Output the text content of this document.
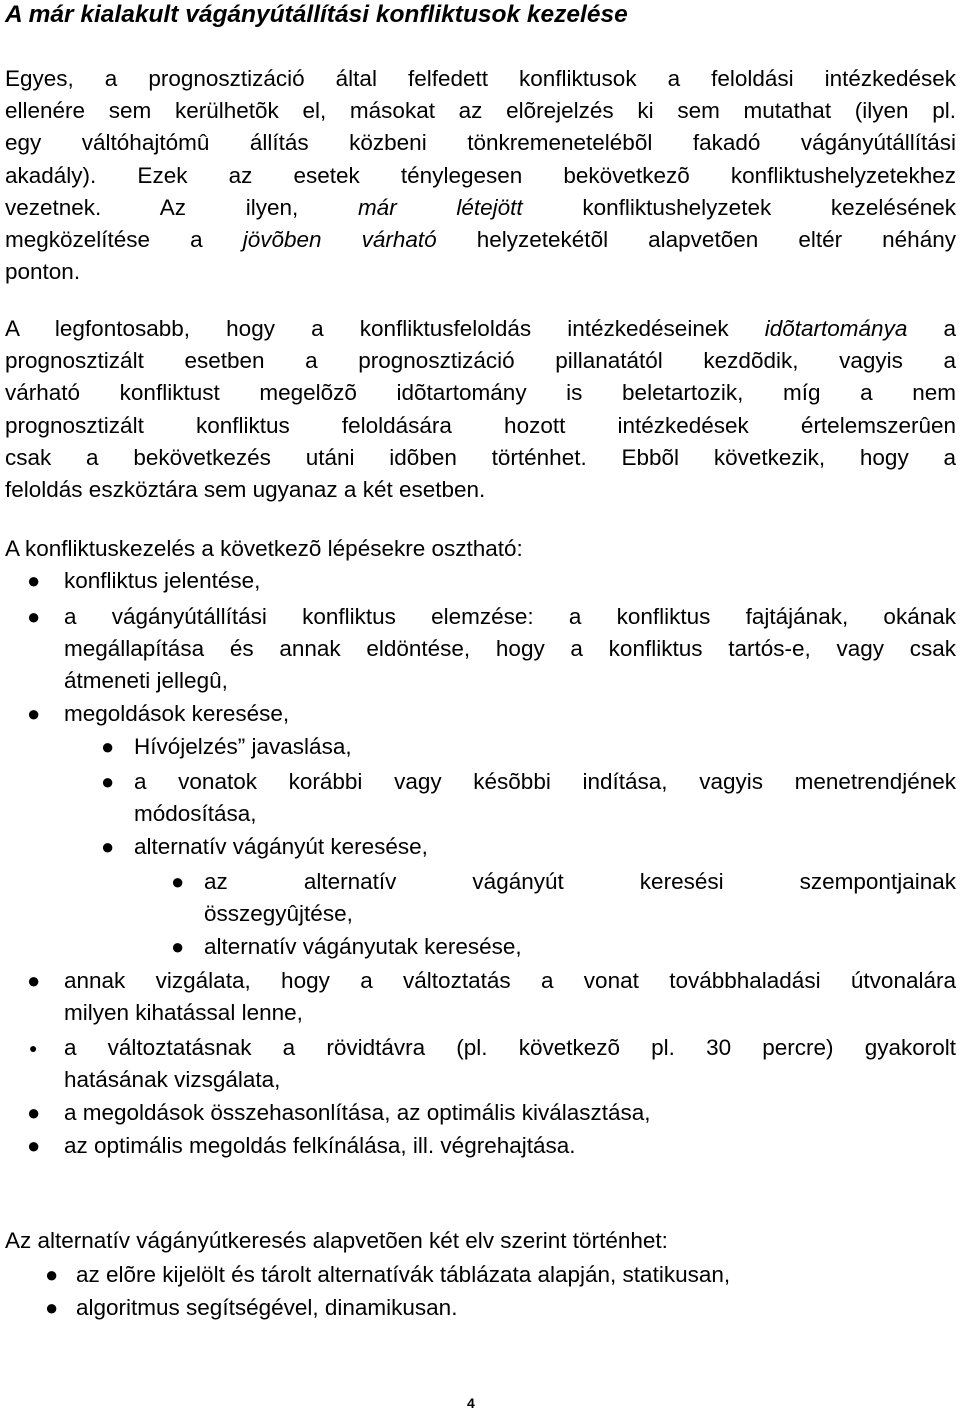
A már kialakult vágányútállítási konfliktusok kezelése
Egyes, a prognosztizáció által felfedett konfliktusok a feloldási intézkedések
ellenére sem kerülhetõk el, másokat az elõrejelzés ki sem mutathat (ilyen pl.
egy váltóhajtómû állítás közbeni tönkremenetelébõl fakadó vágányútállítási
akadály). Ezek az esetek ténylegesen bekövetkezõ konfliktushelyzetekhez
vezetnek. Az ilyen, már létejött konfliktushelyzetek kezelésének
megközelítése a jövõben várható helyzetekétõl alapvetõen eltér néhány
ponton.
A legfontosabb, hogy a konfliktusfeloldás intézkedéseinek idõtartománya a
prognosztizált esetben a prognosztizáció pillanatától kezdõdik, vagyis a
várható konfliktust megelõzõ idõtartomány is beletartozik, míg a nem
prognosztizált konfliktus feloldására hozott intézkedések értelemszerûen
csak a bekövetkezés utáni idõben történhet. Ebbõl következik, hogy a
feloldás eszköztára sem ugyanaz a két esetben.
A konfliktuskezelés a következõ lépésekre osztható:
● konfliktus jelentése,
● a vágányútállítási konfliktus elemzése: a konfliktus fajtájának, okának
megállapítása és annak eldöntése, hogy a konfliktus tartós-e, vagy csak
átmeneti jellegû,
● megoldások keresése,
● Hívójelzés” javaslása,
● a vonatok korábbi vagy késõbbi indítása, vagyis menetrendjének
módosítása,
● alternatív vágányút keresése,
● az alternatív vágányút keresési szempontjainak
összegyûjtése,
● alternatív vágányutak keresése,
● annak vizgálata, hogy a változtatás a vonat továbbhaladási útvonalára
milyen kihatással lenne,
● a változtatásnak a rövidtávra (pl. következõ pl. 30 percre) gyakorolt
hatásának vizsgálata,
● a megoldások összehasonlítása, az optimális kiválasztása,
● az optimális megoldás felkínálása, ill. végrehajtása.
Az alternatív vágányútkeresés alapvetõen két elv szerint történhet:
● az elõre kijelölt és tárolt alternatívák táblázata alapján, statikusan,
● algoritmus segítségével, dinamikusan.
4
